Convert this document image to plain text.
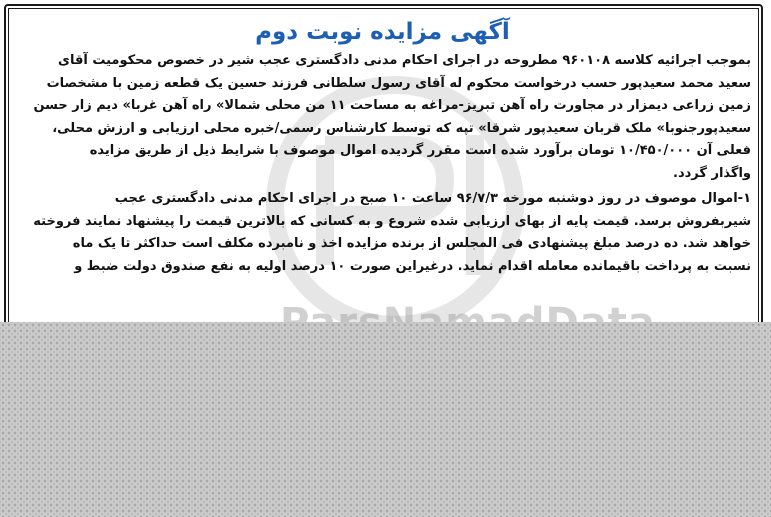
آگهی مزایده نوبت دوم
بموجب اجرائیه کلاسه ۹۶۰۱۰۸ مطروحه در اجرای احکام مدنی دادگستری عجب شیر در خصوص محکومیت آقای
سعید محمد سعیدپور حسب درخواست محکوم له آقای رسول سلطانی فرزند حسین یک قطعه زمین با مشخصات
زمین زراعی دیمزار در مجاورت راه آهن تبریز-مراغه به مساحت ۱۱ من محلی شمالا» راه آهن غربا» دیم زار حسن
سعیدپورجنوبا» ملک قربان سعیدپور شرقا» تپه که توسط کارشناس رسمی/خبره محلی ارزیابی و ارزش محلی،
فعلی آن ۱۰/۴۵۰/۰۰۰ تومان برآورد شده است مقرر گردیده اموال موصوف با شرایط ذیل از طریق مزایده
واگذار گردد.
۱-اموال موصوف در روز دوشنبه مورخه ۹۶/۷/۳ ساعت ۱۰ صبح در اجرای احکام مدنی دادگستری عجب
شیربفروش برسد. قیمت پایه از بهای ارزیابی شده شروع و به کسانی که بالاترین قیمت را پیشنهاد نمایند فروخته
خواهد شد. ده درصد مبلغ پیشنهادی فی المجلس از برنده مزایده اخذ و نامبرده مکلف است حداکثر تا یک ماه
نسبت به پرداخت باقیمانده معامله اقدام نماید. درغیراین صورت ۱۰ درصد اولیه به نفع صندوق دولت ضبط و
